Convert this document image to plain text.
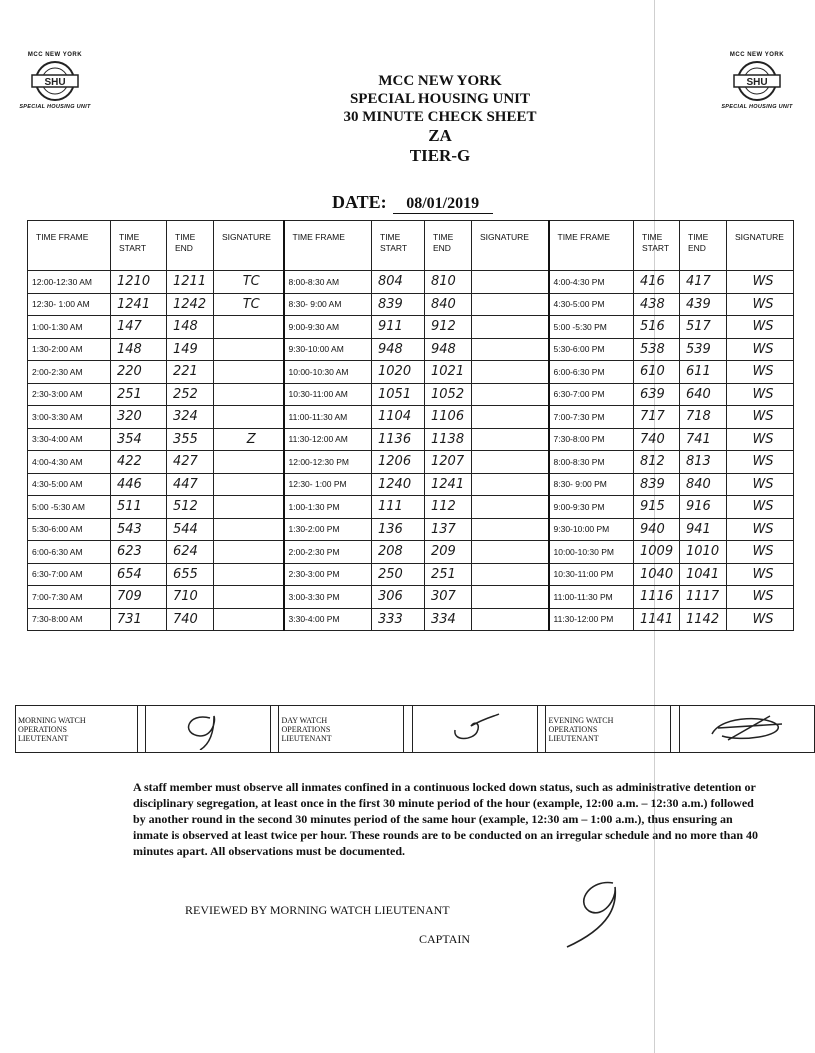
MCC NEW YORK
SHU
SPECIAL HOUSING UNIT
MCC NEW YORK
SHU
SPECIAL HOUSING UNIT
MCC NEW YORK
SPECIAL HOUSING UNIT
30 MINUTE CHECK SHEET
ZA
TIER-G
DATE: 08/01/2019
TIME FRAME	TIME START	TIME END	SIGNATURE	TIME FRAME	TIME START	TIME END	SIGNATURE	TIME FRAME	TIME START	TIME END	SIGNATURE
12:00-12:30 AM	1210	1211	TC	8:00-8:30 AM	804	810		4:00-4:30 PM	416	417	WS
12:30- 1:00 AM	1241	1242	TC	8:30- 9:00 AM	839	840		4:30-5:00 PM	438	439	WS
1:00-1:30 AM	147	148		9:00-9:30 AM	911	912		5:00 -5:30 PM	516	517	WS
1:30-2:00 AM	148	149		9:30-10:00 AM	948	948		5:30-6:00 PM	538	539	WS
2:00-2:30 AM	220	221		10:00-10:30 AM	1020	1021		6:00-6:30 PM	610	611	WS
2:30-3:00 AM	251	252		10:30-11:00 AM	1051	1052		6:30-7:00 PM	639	640	WS
3:00-3:30 AM	320	324		11:00-11:30 AM	1104	1106		7:00-7:30 PM	717	718	WS
3:30-4:00 AM	354	355	Z	11:30-12:00 AM	1136	1138		7:30-8:00 PM	740	741	WS
4:00-4:30 AM	422	427		12:00-12:30 PM	1206	1207		8:00-8:30 PM	812	813	WS
4:30-5:00 AM	446	447		12:30- 1:00 PM	1240	1241		8:30- 9:00 PM	839	840	WS
5:00 -5:30 AM	511	512		1:00-1:30 PM	111	112		9:00-9:30 PM	915	916	WS
5:30-6:00 AM	543	544		1:30-2:00 PM	136	137		9:30-10:00 PM	940	941	WS
6:00-6:30 AM	623	624		2:00-2:30 PM	208	209		10:00-10:30 PM	1009	1010	WS
6:30-7:00 AM	654	655		2:30-3:00 PM	250	251		10:30-11:00 PM	1040	1041	WS
7:00-7:30 AM	709	710		3:00-3:30 PM	306	307		11:00-11:30 PM	1116	1117	WS
7:30-8:00 AM	731	740		3:30-4:00 PM	333	334		11:30-12:00 PM	1141	1142	WS
MORNING WATCH
OPERATIONS
LIEUTENANT

DAY WATCH
OPERATIONS
LIEUTENANT

EVENING WATCH
OPERATIONS
LIEUTENANT

A staff member must observe all inmates confined in a continuous locked down status, such as administrative detention or disciplinary segregation, at least once in the first 30 minute period of the hour (example, 12:00 a.m. – 12:30 a.m.) followed by another round in the second 30 minutes period of the same hour (example, 12:30 am – 1:00 a.m.), thus ensuring an inmate is observed at least twice per hour. These rounds are to be conducted on an irregular schedule and no more than 40 minutes apart. All observations must be documented.
REVIEWED BY MORNING WATCH LIEUTENANT
CAPTAIN
